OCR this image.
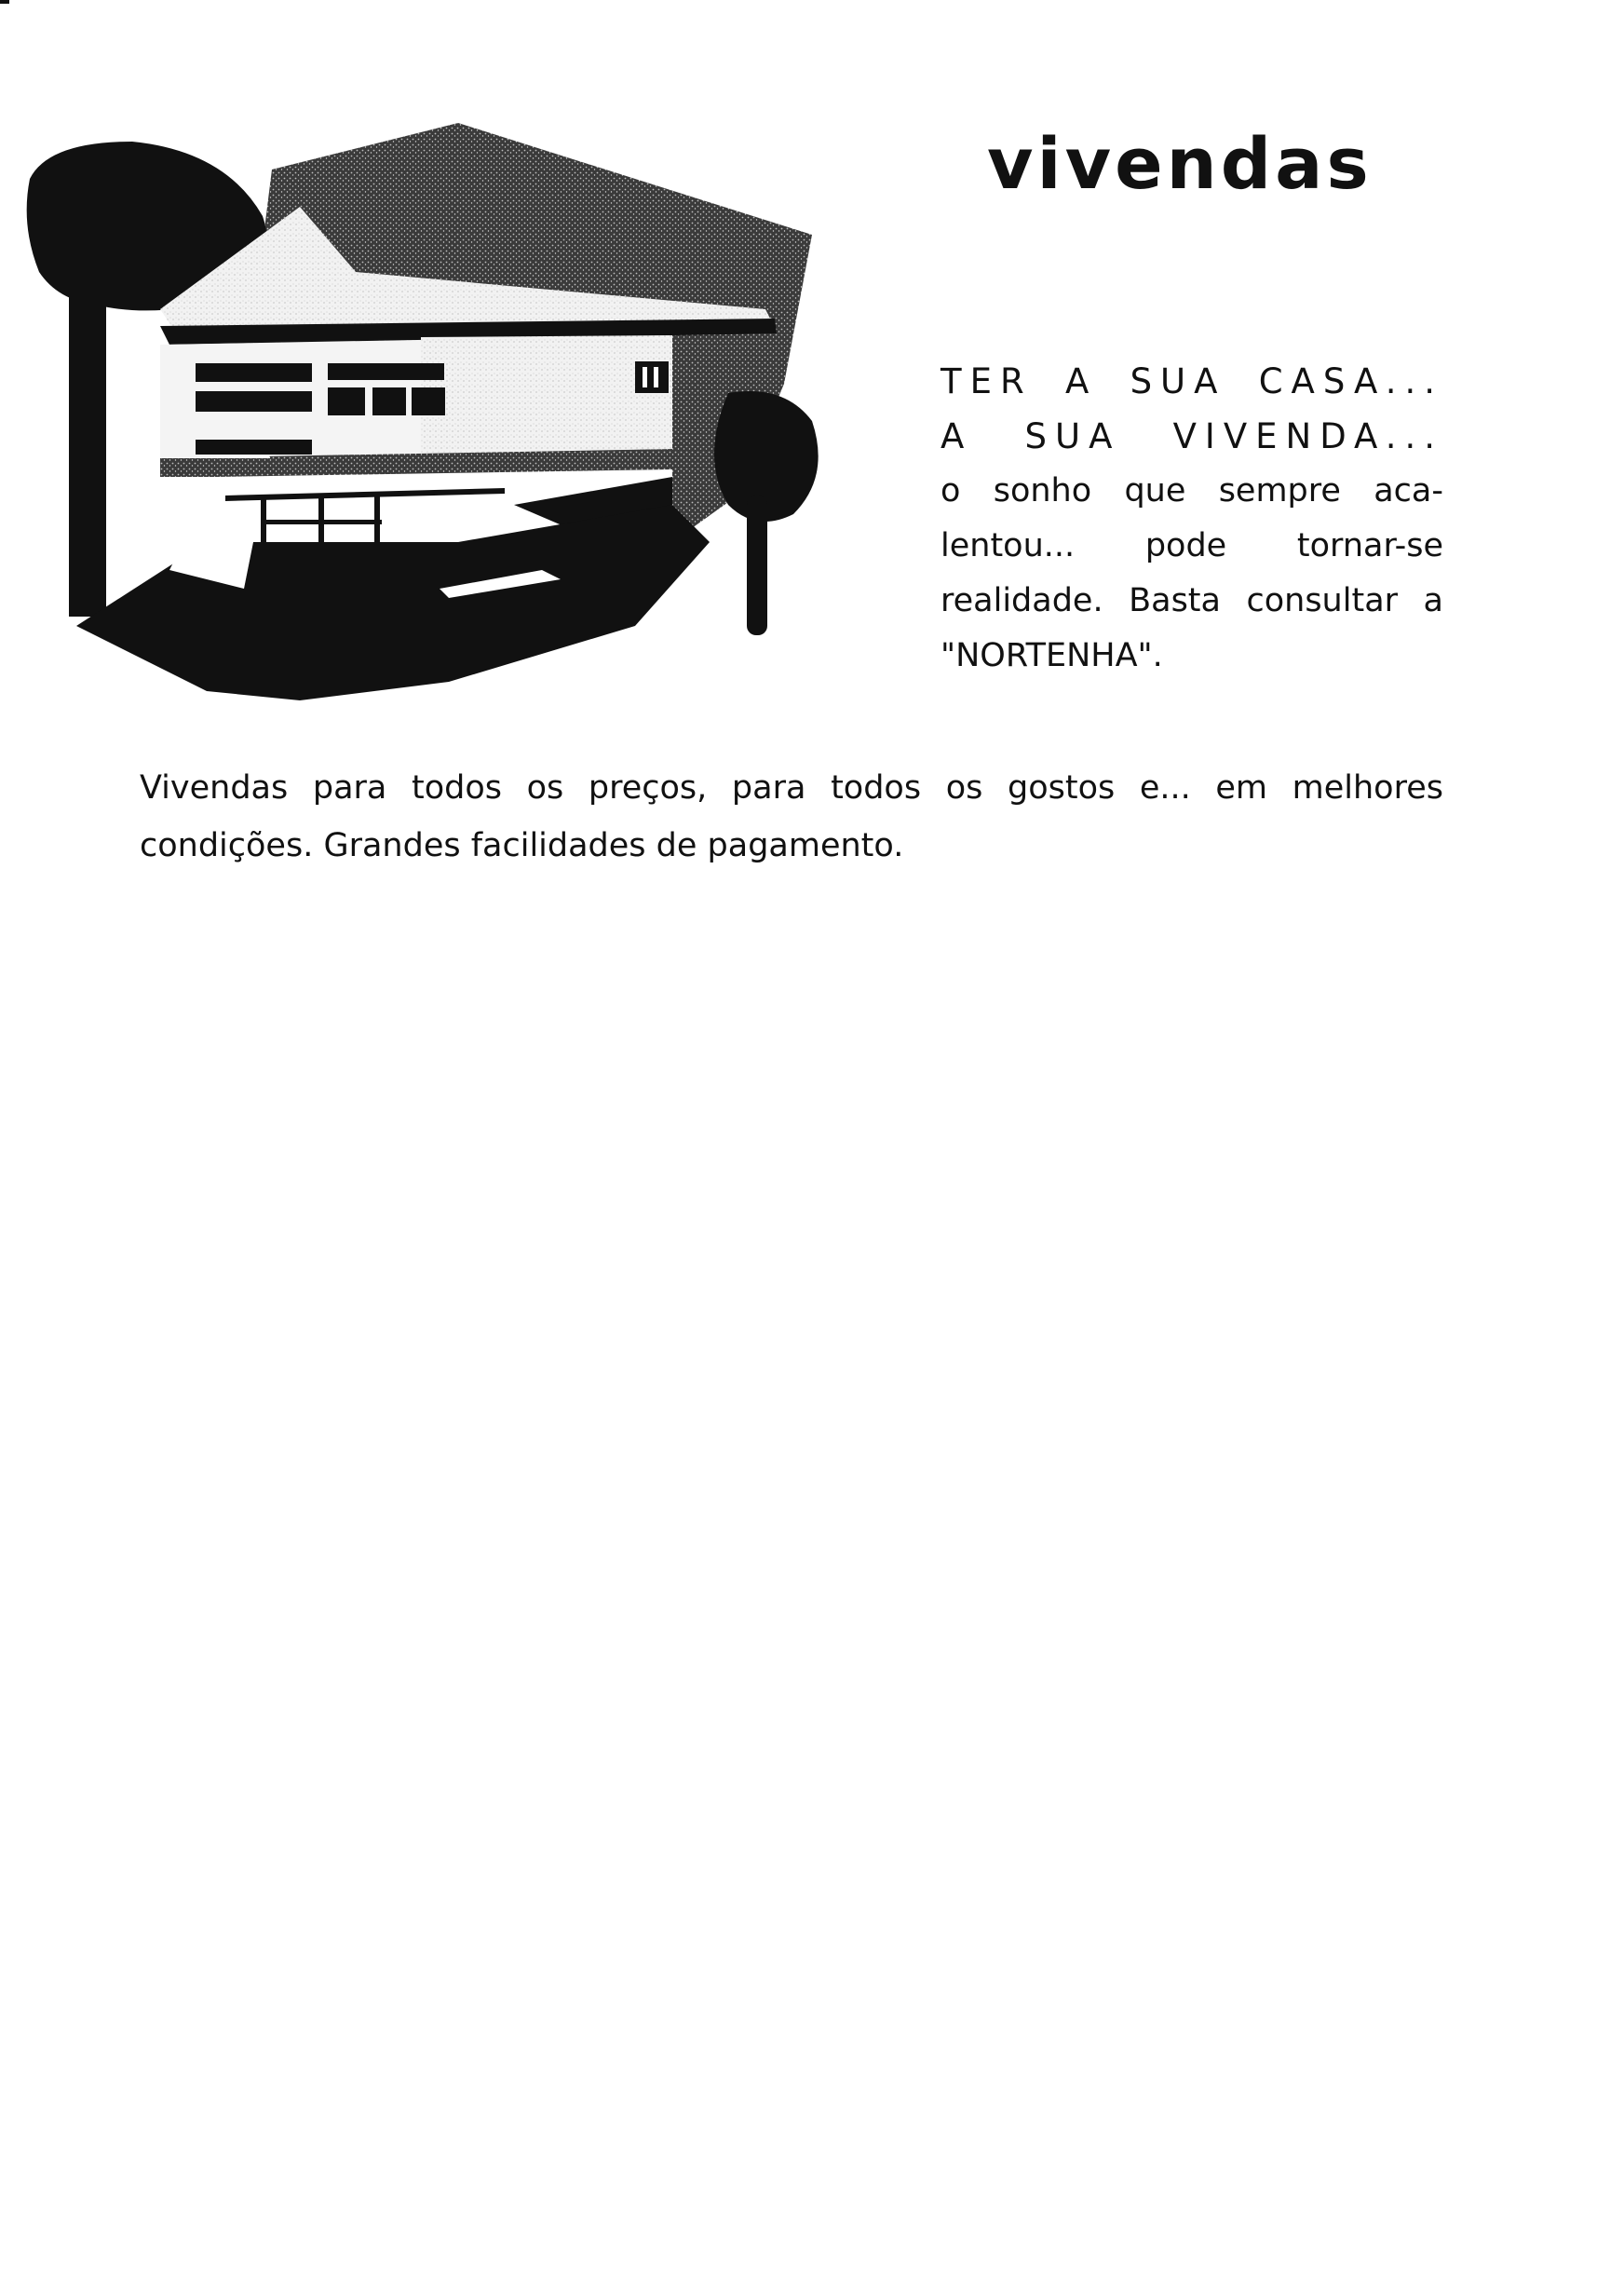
vivendas
TER A SUA CASA...
A SUA VIVENDA...
o sonho que sempre aca-
lentou... pode tornar-se
realidade. Basta consultar a
"NORTENHA".
Vivendas para todos os preços, para todos os gostos e... em melhores
condições. Grandes facilidades de pagamento.
